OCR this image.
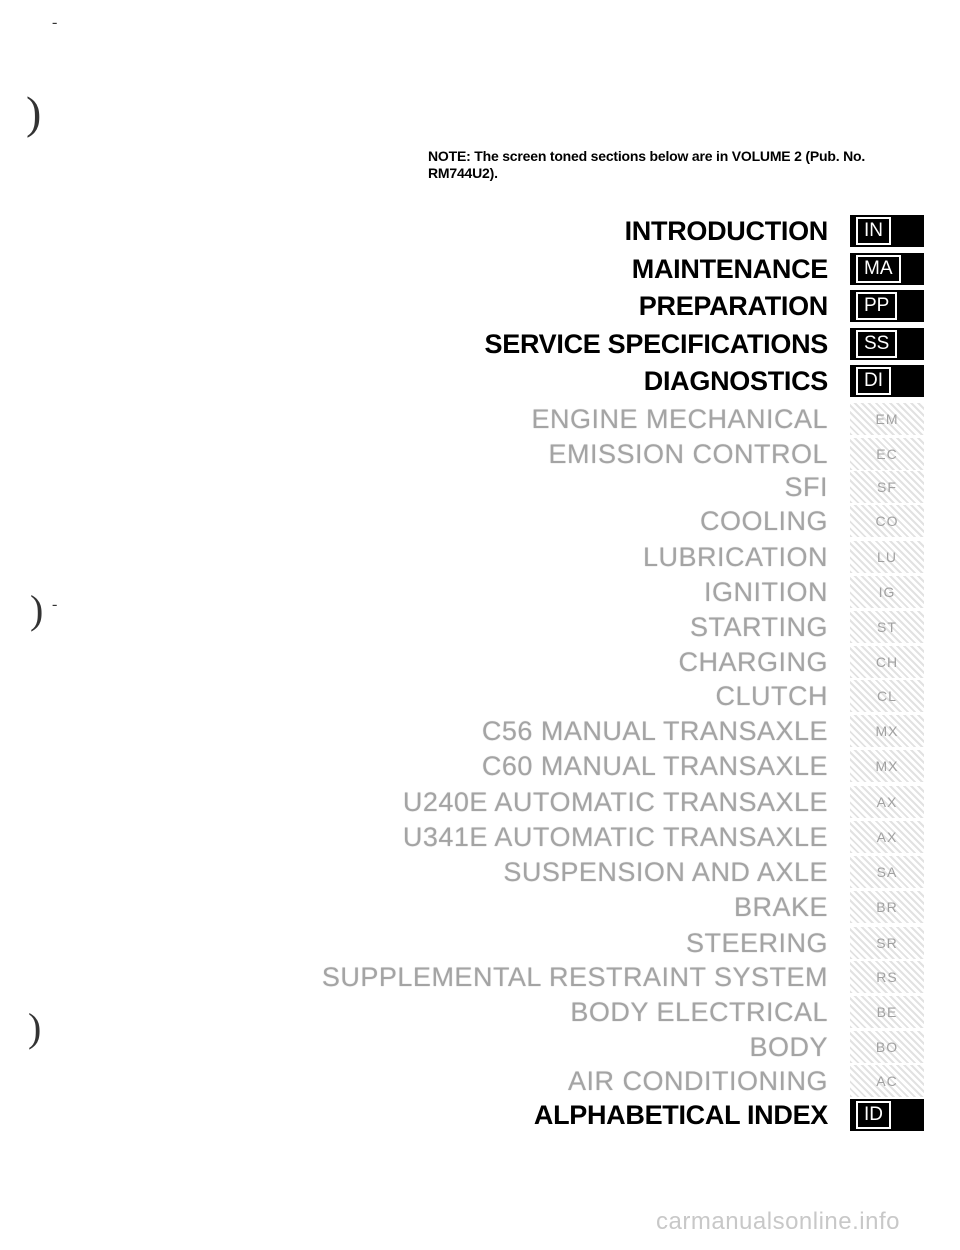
NOTE: The screen toned sections below are in VOLUME 2 (Pub. No. RM744U2).
)
) -
)
-
INTRODUCTION	IN
MAINTENANCE	MA
PREPARATION	PP
SERVICE SPECIFICATIONS	SS
DIAGNOSTICS	DI
ENGINE MECHANICAL	EM
EMISSION CONTROL	EC
SFI	SF
COOLING	CO
LUBRICATION	LU
IGNITION	IG
STARTING	ST
CHARGING	CH
CLUTCH	CL
C56 MANUAL TRANSAXLE	MX
C60 MANUAL TRANSAXLE	MX
U240E AUTOMATIC TRANSAXLE	AX
U341E AUTOMATIC TRANSAXLE	AX
SUSPENSION AND AXLE	SA
BRAKE	BR
STEERING	SR
SUPPLEMENTAL RESTRAINT SYSTEM	RS
BODY ELECTRICAL	BE
BODY	BO
AIR CONDITIONING	AC
ALPHABETICAL INDEX	ID
carmanualsonline.info
